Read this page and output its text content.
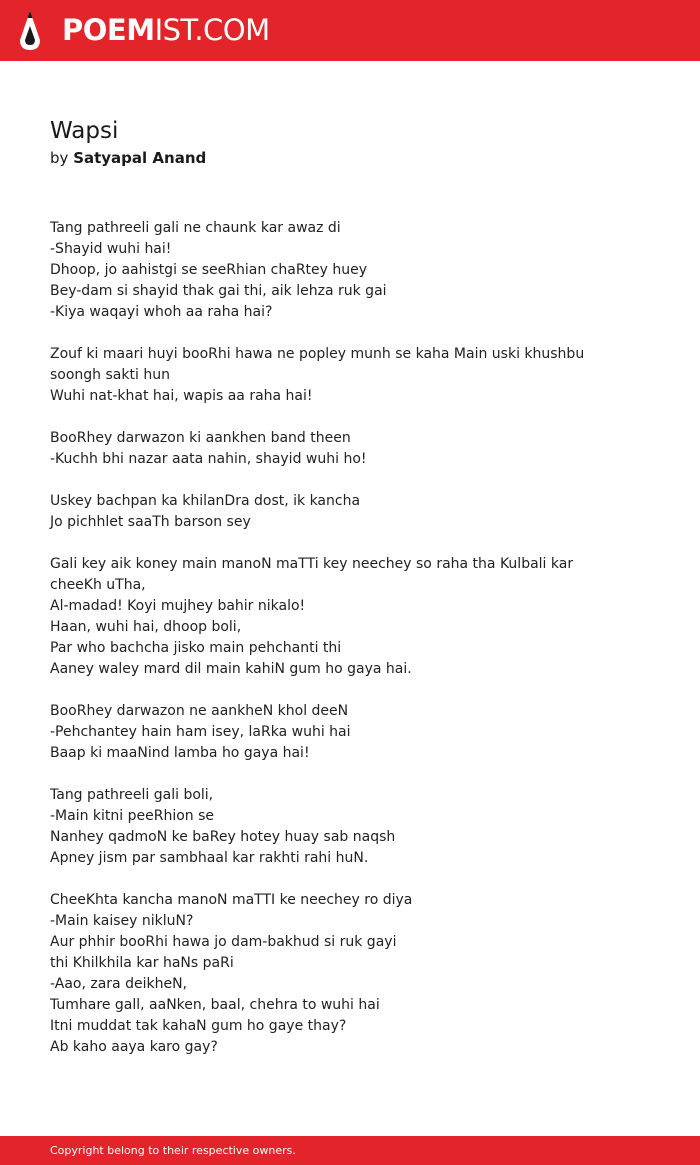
POEMIST.COM
Wapsi
by Satyapal Anand
Tang pathreeli gali ne chaunk kar awaz di
-Shayid wuhi hai!
Dhoop, jo aahistgi se seeRhian chaRtey huey
Bey-dam si shayid thak gai thi, aik lehza ruk gai
-Kiya waqayi whoh aa raha hai?
Zouf ki maari huyi booRhi hawa ne popley munh se kaha Main uski khushbu soongh sakti hun
Wuhi nat-khat hai, wapis aa raha hai!
BooRhey darwazon ki aankhen band theen
-Kuchh bhi nazar aata nahin, shayid wuhi ho!
Uskey bachpan ka khilanDra dost, ik kancha
Jo pichhlet saaTh barson sey
Gali key aik koney main manoN maTTi key neechey so raha tha Kulbali kar cheeKh uTha,
Al-madad! Koyi mujhey bahir nikalo!
Haan, wuhi hai, dhoop boli,
Par who bachcha jisko main pehchanti thi
Aaney waley mard dil main kahiN gum ho gaya hai.
BooRhey darwazon ne aankheN khol deeN
-Pehchantey hain ham isey, laRka wuhi hai
Baap ki maaNind lamba ho gaya hai!
Tang pathreeli gali boli,
-Main kitni peeRhion se
Nanhey qadmoN ke baRey hotey huay sab naqsh
Apney jism par sambhaal kar rakhti rahi huN.
CheeKhta kancha manoN maTTI ke neechey ro diya
-Main kaisey nikluN?
Aur phhir booRhi hawa jo dam-bakhud si ruk gayi
thi Khilkhila kar haNs paRi
-Aao, zara deikheN,
Tumhare gall, aaNken, baal, chehra to wuhi hai
Itni muddat tak kahaN gum ho gaye thay?
Ab kaho aaya karo gay?
Copyright belong to their respective owners.
